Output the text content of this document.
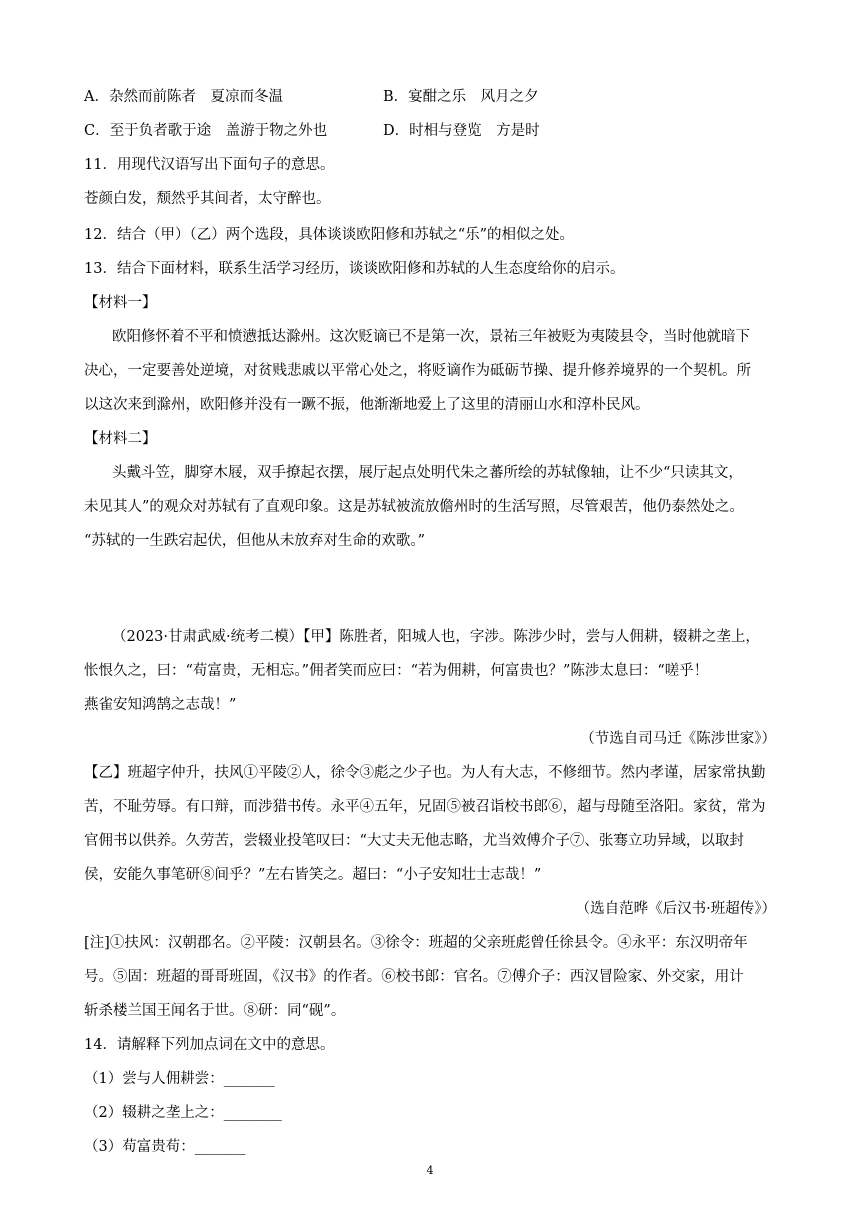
A．杂然而前陈者　夏凉而冬温	B．宴酣之乐　风月之夕
C．至于负者歌于途　盖游于物之外也	D．时相与登览　方是时
11．用现代汉语写出下面句子的意思。
苍颜白发，颓然乎其间者，太守醉也。
12．结合（甲）（乙）两个选段，具体谈谈欧阳修和苏轼之“乐”的相似之处。
13．结合下面材料，联系生活学习经历，谈谈欧阳修和苏轼的人生态度给你的启示。
【材料一】
欧阳修怀着不平和愤懑抵达滁州。这次贬谪已不是第一次，景祐三年被贬为夷陵县令，当时他就暗下
决心，一定要善处逆境，对贫贱悲戚以平常心处之，将贬谪作为砥砺节操、提升修养境界的一个契机。所
以这次来到滁州，欧阳修并没有一蹶不振，他渐渐地爱上了这里的清丽山水和淳朴民风。
【材料二】
头戴斗笠，脚穿木屐，双手撩起衣摆，展厅起点处明代朱之蕃所绘的苏轼像轴，让不少“只读其文，
未见其人”的观众对苏轼有了直观印象。这是苏轼被流放儋州时的生活写照，尽管艰苦，他仍泰然处之。
“苏轼的一生跌宕起伏，但他从未放弃对生命的欢歌。”
（2023·甘肃武威·统考二模）【甲】陈胜者，阳城人也，字涉。陈涉少时，尝与人佣耕，辍耕之垄上，
怅恨久之，曰：“苟富贵，无相忘。”佣者笑而应曰：“若为佣耕，何富贵也？”陈涉太息曰：“嗟乎！
燕雀安知鸿鹄之志哉！”
（节选自司马迁《陈涉世家》）
【乙】班超字仲升，扶风①平陵②人，徐令③彪之少子也。为人有大志，不修细节。然内孝谨，居家常执勤
苦，不耻劳辱。有口辩，而涉猎书传。永平④五年，兄固⑤被召诣校书郎⑥，超与母随至洛阳。家贫，常为
官佣书以供养。久劳苦，尝辍业投笔叹曰：“大丈夫无他志略，尤当效傅介子⑦、张骞立功异域，以取封
侯，安能久事笔研⑧间乎？”左右皆笑之。超曰：“小子安知壮士志哉！”
（选自范晔《后汉书·班超传》）
[注]①扶风：汉朝郡名。②平陵：汉朝县名。③徐令：班超的父亲班彪曾任徐县令。④永平：东汉明帝年
号。⑤固：班超的哥哥班固，《汉书》的作者。⑥校书郎：官名。⑦傅介子：西汉冒险家、外交家，用计
斩杀楼兰国王闻名于世。⑧研：同“砚”。
14．请解释下列加点词在文中的意思。
（1）尝与人佣耕尝：_______
（2）辍耕之垄上之：________
（3）苟富贵苟：_______
4
